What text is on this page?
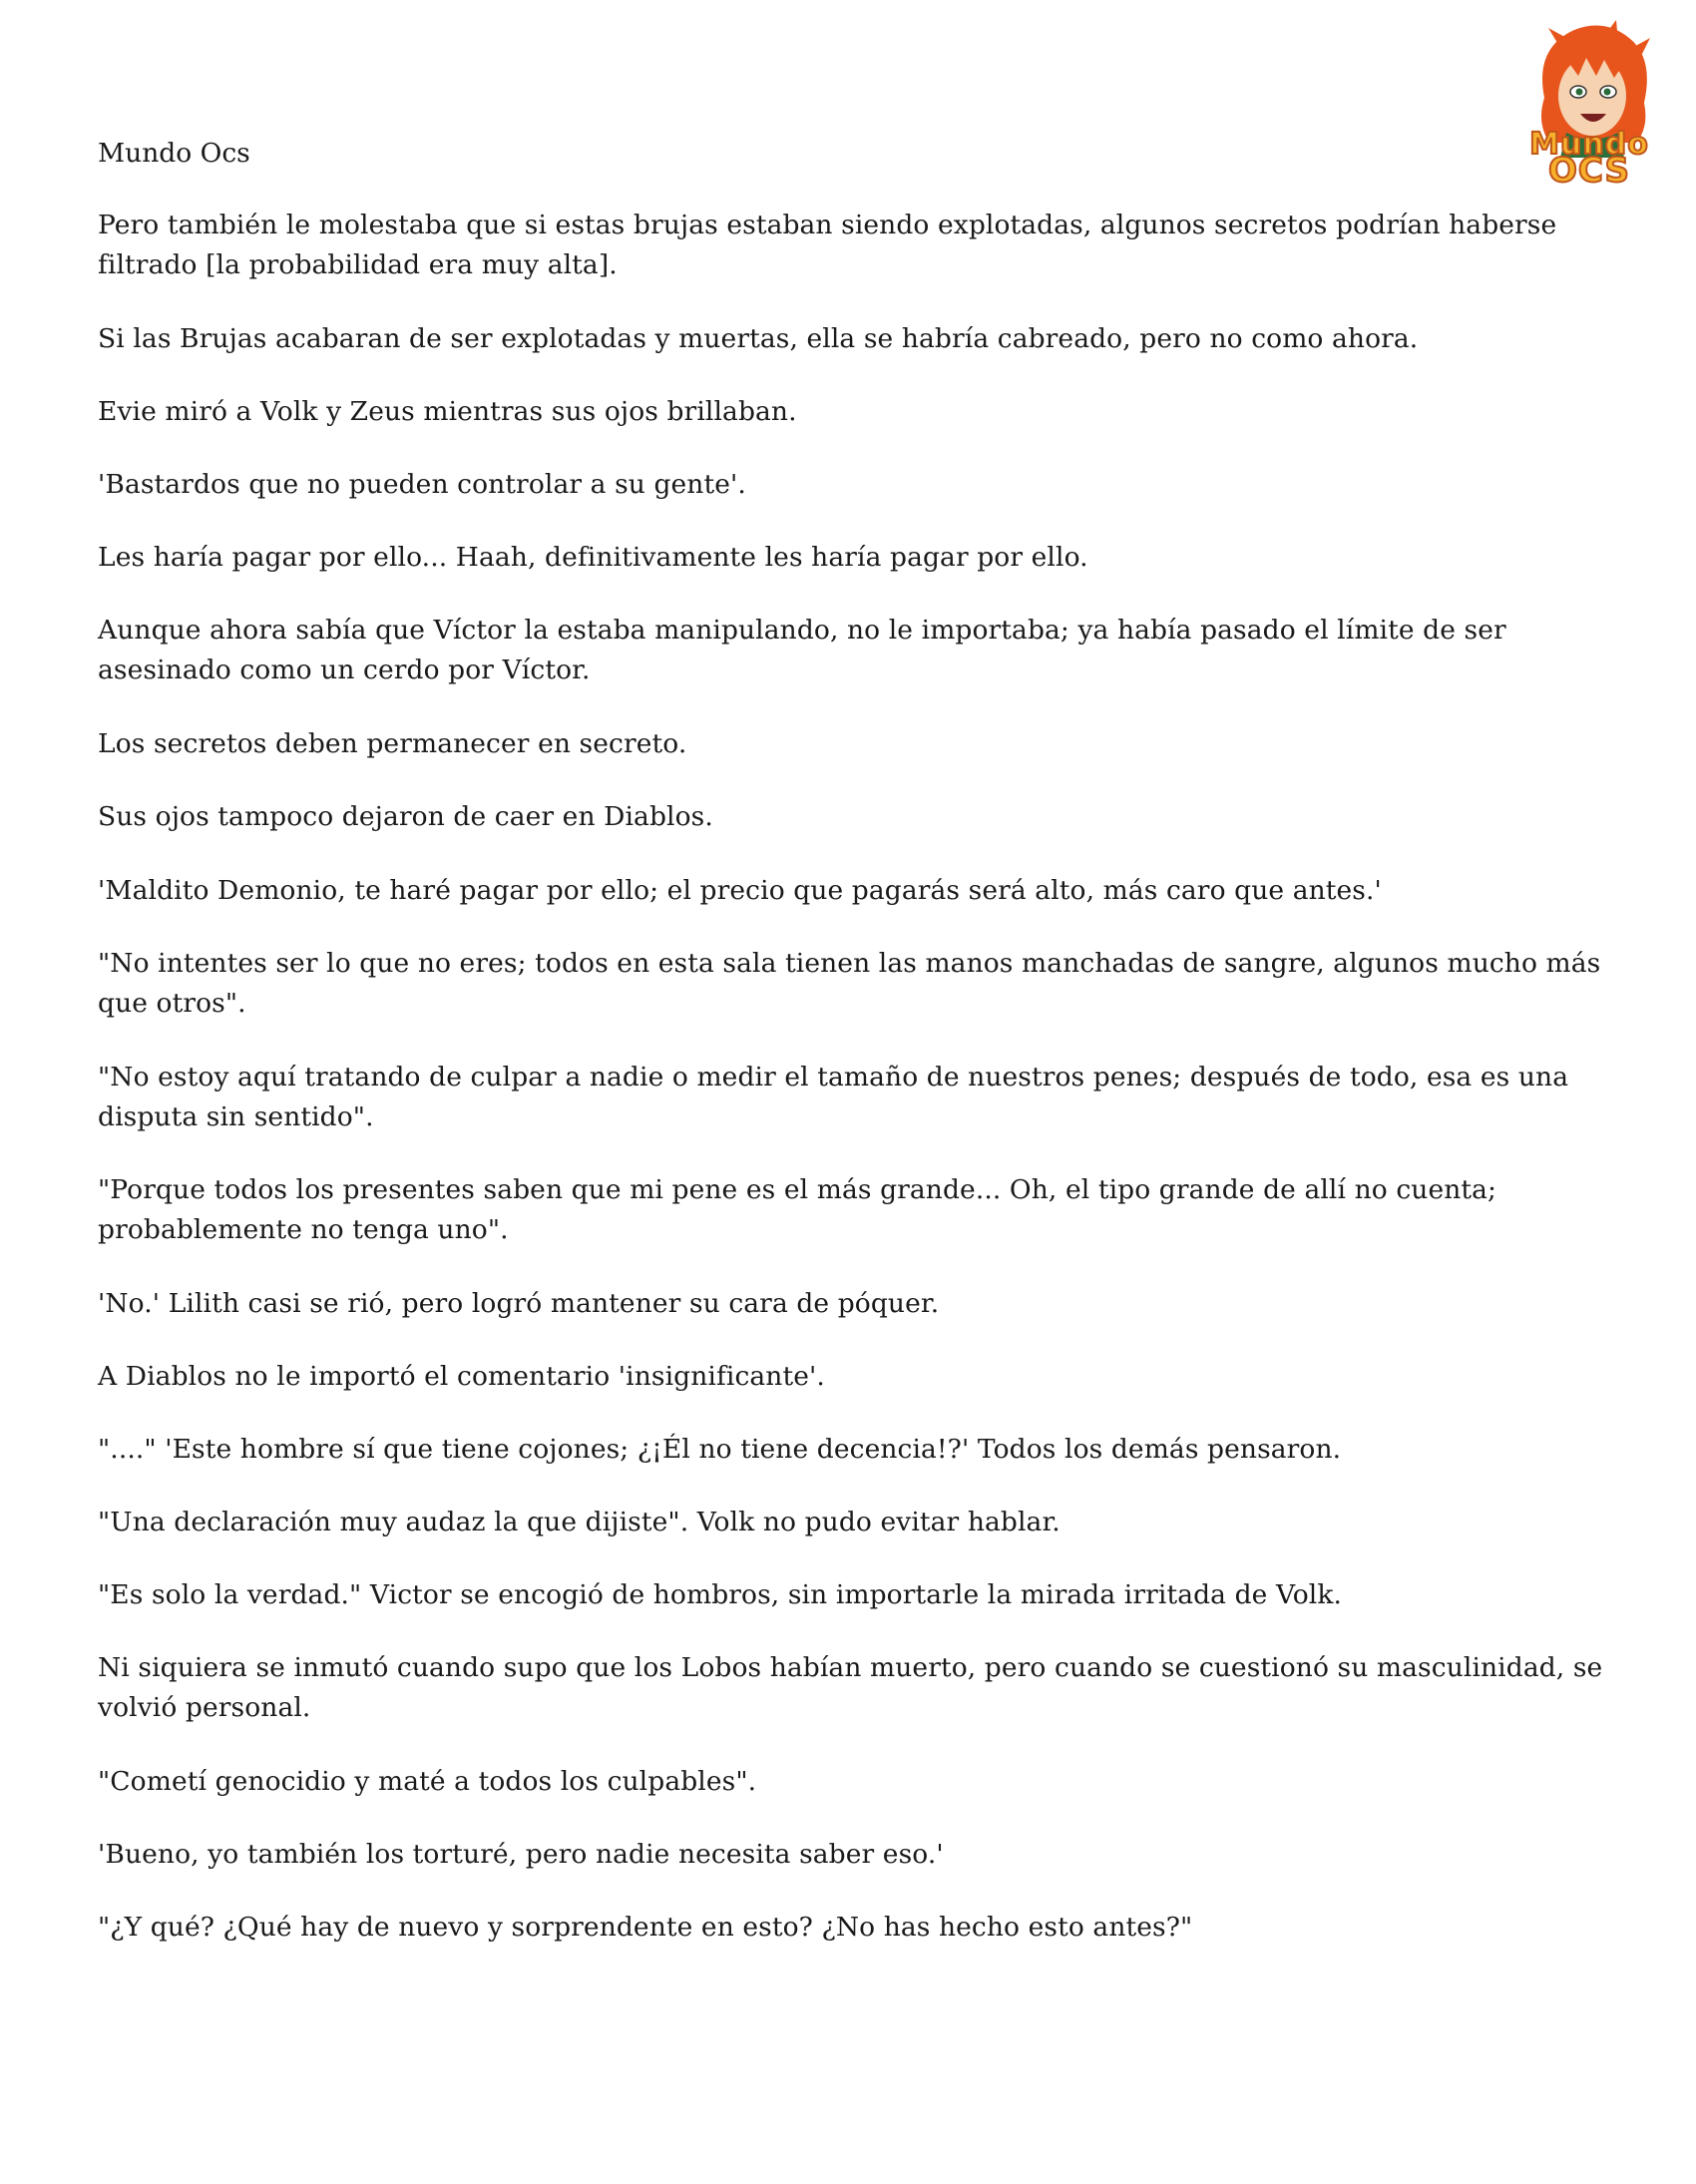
Mundo
OCS
Mundo Ocs

Pero también le molestaba que si estas brujas estaban siendo explotadas, algunos secretos podrían haberse filtrado [la probabilidad era muy alta].

Si las Brujas acabaran de ser explotadas y muertas, ella se habría cabreado, pero no como ahora.

Evie miró a Volk y Zeus mientras sus ojos brillaban.

'Bastardos que no pueden controlar a su gente'.

Les haría pagar por ello... Haah, definitivamente les haría pagar por ello.

Aunque ahora sabía que Víctor la estaba manipulando, no le importaba; ya había pasado el límite de ser asesinado como un cerdo por Víctor.

Los secretos deben permanecer en secreto.

Sus ojos tampoco dejaron de caer en Diablos.

'Maldito Demonio, te haré pagar por ello; el precio que pagarás será alto, más caro que antes.'

"No intentes ser lo que no eres; todos en esta sala tienen las manos manchadas de sangre, algunos mucho más que otros".

"No estoy aquí tratando de culpar a nadie o medir el tamaño de nuestros penes; después de todo, esa es una disputa sin sentido".

"Porque todos los presentes saben que mi pene es el más grande... Oh, el tipo grande de allí no cuenta; probablemente no tenga uno".

'No.' Lilith casi se rió, pero logró mantener su cara de póquer.

A Diablos no le importó el comentario 'insignificante'.

"...." 'Este hombre sí que tiene cojones; ¿¡Él no tiene decencia!?' Todos los demás pensaron.

"Una declaración muy audaz la que dijiste". Volk no pudo evitar hablar.

"Es solo la verdad." Victor se encogió de hombros, sin importarle la mirada irritada de Volk.

Ni siquiera se inmutó cuando supo que los Lobos habían muerto, pero cuando se cuestionó su masculinidad, se volvió personal.

"Cometí genocidio y maté a todos los culpables".

'Bueno, yo también los torturé, pero nadie necesita saber eso.'

"¿Y qué? ¿Qué hay de nuevo y sorprendente en esto? ¿No has hecho esto antes?"
